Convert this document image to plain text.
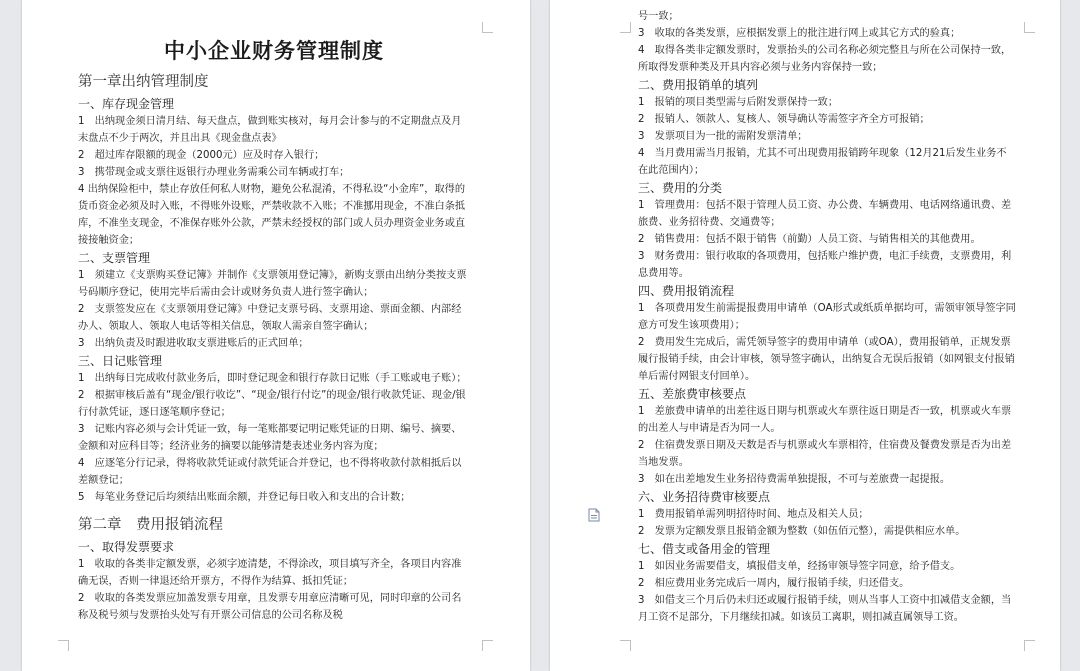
中小企业财务管理制度
第一章出纳管理制度
一、库存现金管理

1　出纳现金须日清月结、每天盘点，做到账实核对，每月会计参与的不定期盘点及月末盘点不少于两次，并且出具《现金盘点表》

2　超过库存限额的现金（2000元）应及时存入银行；

3　携带现金或支票往返银行办理业务需乘公司车辆或打车；

4 出纳保险柜中，禁止存放任何私人财物，避免公私混淆，不得私设“小金库”，取得的货币资金必须及时入账，不得账外设账，严禁收款不入账；不准挪用现金，不准白条抵库，不准坐支现金，不准保存账外公款，严禁未经授权的部门或人员办理资金业务或直接接触资金；

二、支票管理

1　须建立《支票购买登记簿》并制作《支票领用登记簿》，新购支票由出纳分类按支票号码顺序登记，使用完毕后需由会计或财务负责人进行签字确认；

2　支票签发应在《支票领用登记簿》中登记支票号码、支票用途、票面金额、内部经办人、领取人、领取人电话等相关信息，领取人需亲自签字确认；

3　出纳负责及时跟进收取支票进账后的正式回单；

三、日记账管理

1　出纳每日完成收付款业务后，即时登记现金和银行存款日记账（手工账或电子账）；

2　根据审核后盖有“现金/银行收讫”、“现金/银行付讫”的现金/银行收款凭证、现金/银行付款凭证，逐日逐笔顺序登记；

3　记账内容必须与会计凭证一致，每一笔账都要记明记账凭证的日期、编号、摘要、金额和对应科目等；经济业务的摘要以能够清楚表述业务内容为度；

4　应逐笔分行记录，得将收款凭证或付款凭证合并登记，也不得将收款付款相抵后以差额登记；

5　每笔业务登记后均须结出账面余额，并登记每日收入和支出的合计数；

第二章　费用报销流程
一、取得发票要求

1　收取的各类非定额发票，必须字迹清楚，不得涂改，项目填写齐全，各项目内容准确无误，否则一律退还给开票方，不得作为结算、抵扣凭证；

2　收取的各类发票应加盖发票专用章，且发票专用章应清晰可见，同时印章的公司名称及税号须与发票抬头处写有开票公司信息的公司名称及税

号一致；

3　收取的各类发票，应根据发票上的批注进行网上或其它方式的验真；

4　取得各类非定额发票时，发票抬头的公司名称必须完整且与所在公司保持一致，所取得发票种类及开具内容必须与业务内容保持一致；

二、费用报销单的填列

1　报销的项目类型需与后附发票保持一致；

2　报销人、领款人、复核人、领导确认等需签字齐全方可报销；

3　发票项目为一批的需附发票清单；

4　当月费用需当月报销，尤其不可出现费用报销跨年现象（12月21后发生业务不在此范围内）；

三、费用的分类

1　管理费用：包括不限于管理人员工资、办公费、车辆费用、电话网络通讯费、差旅费、业务招待费、交通费等；

2　销售费用：包括不限于销售（前勤）人员工资、与销售相关的其他费用。

3　财务费用：银行收取的各项费用，包括账户维护费，电汇手续费，支票费用，利息费用等。

四、费用报销流程

1　各项费用发生前需提报费用申请单（OA形式或纸质单据均可，需领审领导签字同意方可发生该项费用）；

2　费用发生完成后，需凭领导签字的费用申请单（或OA），费用报销单，正规发票履行报销手续，由会计审核，领导签字确认，出纳复合无误后报销（如网银支付报销单后需付网银支付回单）。

五、差旅费审核要点

1　差旅费申请单的出差往返日期与机票或火车票往返日期是否一致，机票或火车票的出差人与申请是否为同一人。

2　住宿费发票日期及天数是否与机票或火车票相符，住宿费及餐费发票是否为出差当地发票。

3　如在出差地发生业务招待费需单独提报，不可与差旅费一起提报。

六、业务招待费审核要点

1　费用报销单需列明招待时间、地点及相关人员；

2　发票为定额发票且报销金额为整数（如伍佰元整），需提供相应水单。

七、借支或备用金的管理

1　如因业务需要借支，填报借支单，经扬审领导签字同意，给予借支。

2　相应费用业务完成后一周内，履行报销手续，归还借支。

3　如借支三个月后仍未归还或履行报销手续，则从当事人工资中扣减借支金额，当月工资不足部分，下月继续扣减。如该员工离职，则扣减直属领导工资。
